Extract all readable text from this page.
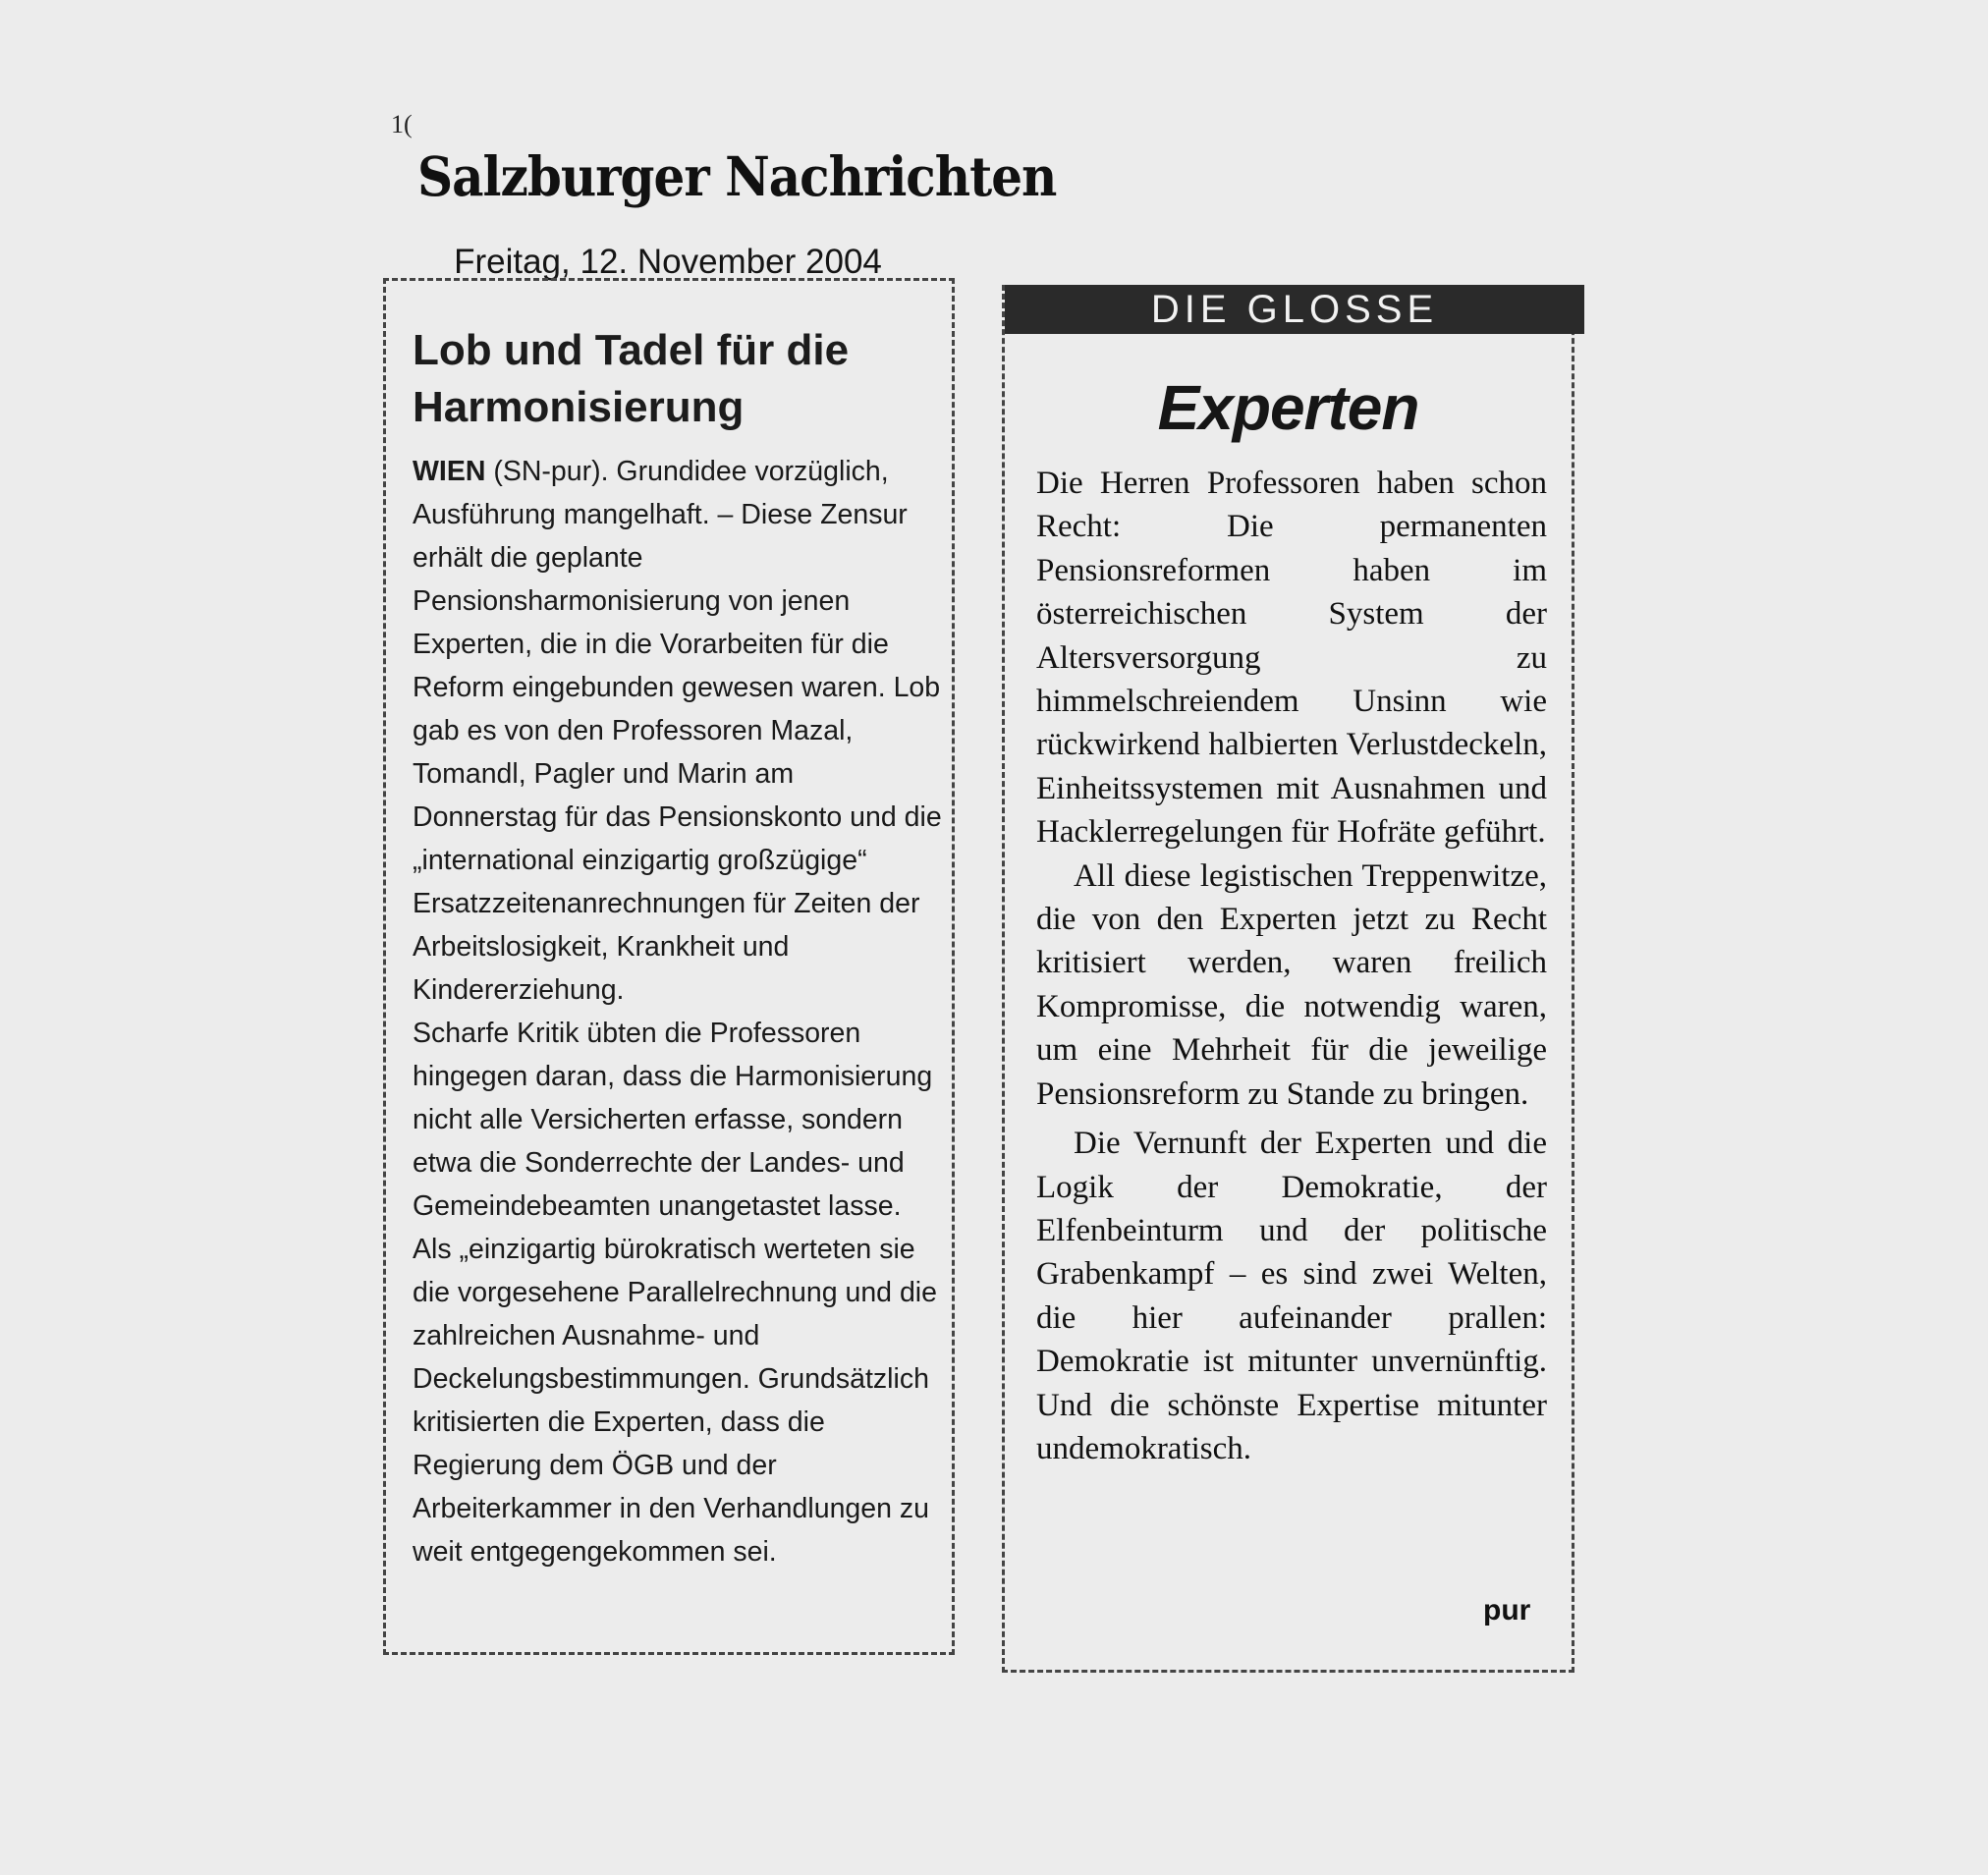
1(
Salzburger Nachrichten
Freitag, 12. November 2004
Lob und Tadel für die Harmonisierung

WIEN (SN-pur). Grundidee vorzüglich, Ausführung mangelhaft. – Diese Zensur erhält die geplante Pensionsharmonisierung von jenen Experten, die in die Vorarbeiten für die Reform eingebunden gewesen waren. Lob gab es von den Professoren Mazal, Tomandl, Pagler und Marin am Donnerstag für das Pensionskonto und die „international einzigartig großzügige“ Ersatzzeitenanrechnungen für Zeiten der Arbeitslosigkeit, Krankheit und Kindererziehung.

Scharfe Kritik übten die Professoren hingegen daran, dass die Harmonisierung nicht alle Versicherten erfasse, sondern etwa die Sonderrechte der Landes- und Gemeindebeamten unangetastet lasse. Als „einzigartig bürokratisch werteten sie die vorgesehene Parallelrechnung und die zahlreichen Ausnahme- und Deckelungsbestimmungen. Grundsätzlich kritisierten die Experten, dass die Regierung dem ÖGB und der Arbeiterkammer in den Verhandlungen zu weit entgegengekommen sei.

DIE GLOSSE
Experten

Die Herren Professoren haben schon Recht: Die permanenten Pensionsreformen haben im österreichischen System der Altersversorgung zu himmelschreiendem Unsinn wie rückwirkend halbierten Verlustdeckeln, Einheitssystemen mit Ausnahmen und Hacklerregelungen für Hofräte geführt.

All diese legistischen Treppenwitze, die von den Experten jetzt zu Recht kritisiert werden, waren freilich Kompromisse, die notwendig waren, um eine Mehrheit für die jeweilige Pensionsreform zu Stande zu bringen.

Die Vernunft der Experten und die Logik der Demokratie, der Elfenbeinturm und der politische Grabenkampf – es sind zwei Welten, die hier aufeinander prallen: Demokratie ist mitunter unvernünftig. Und die schönste Expertise mitunter undemokratisch.

pur
